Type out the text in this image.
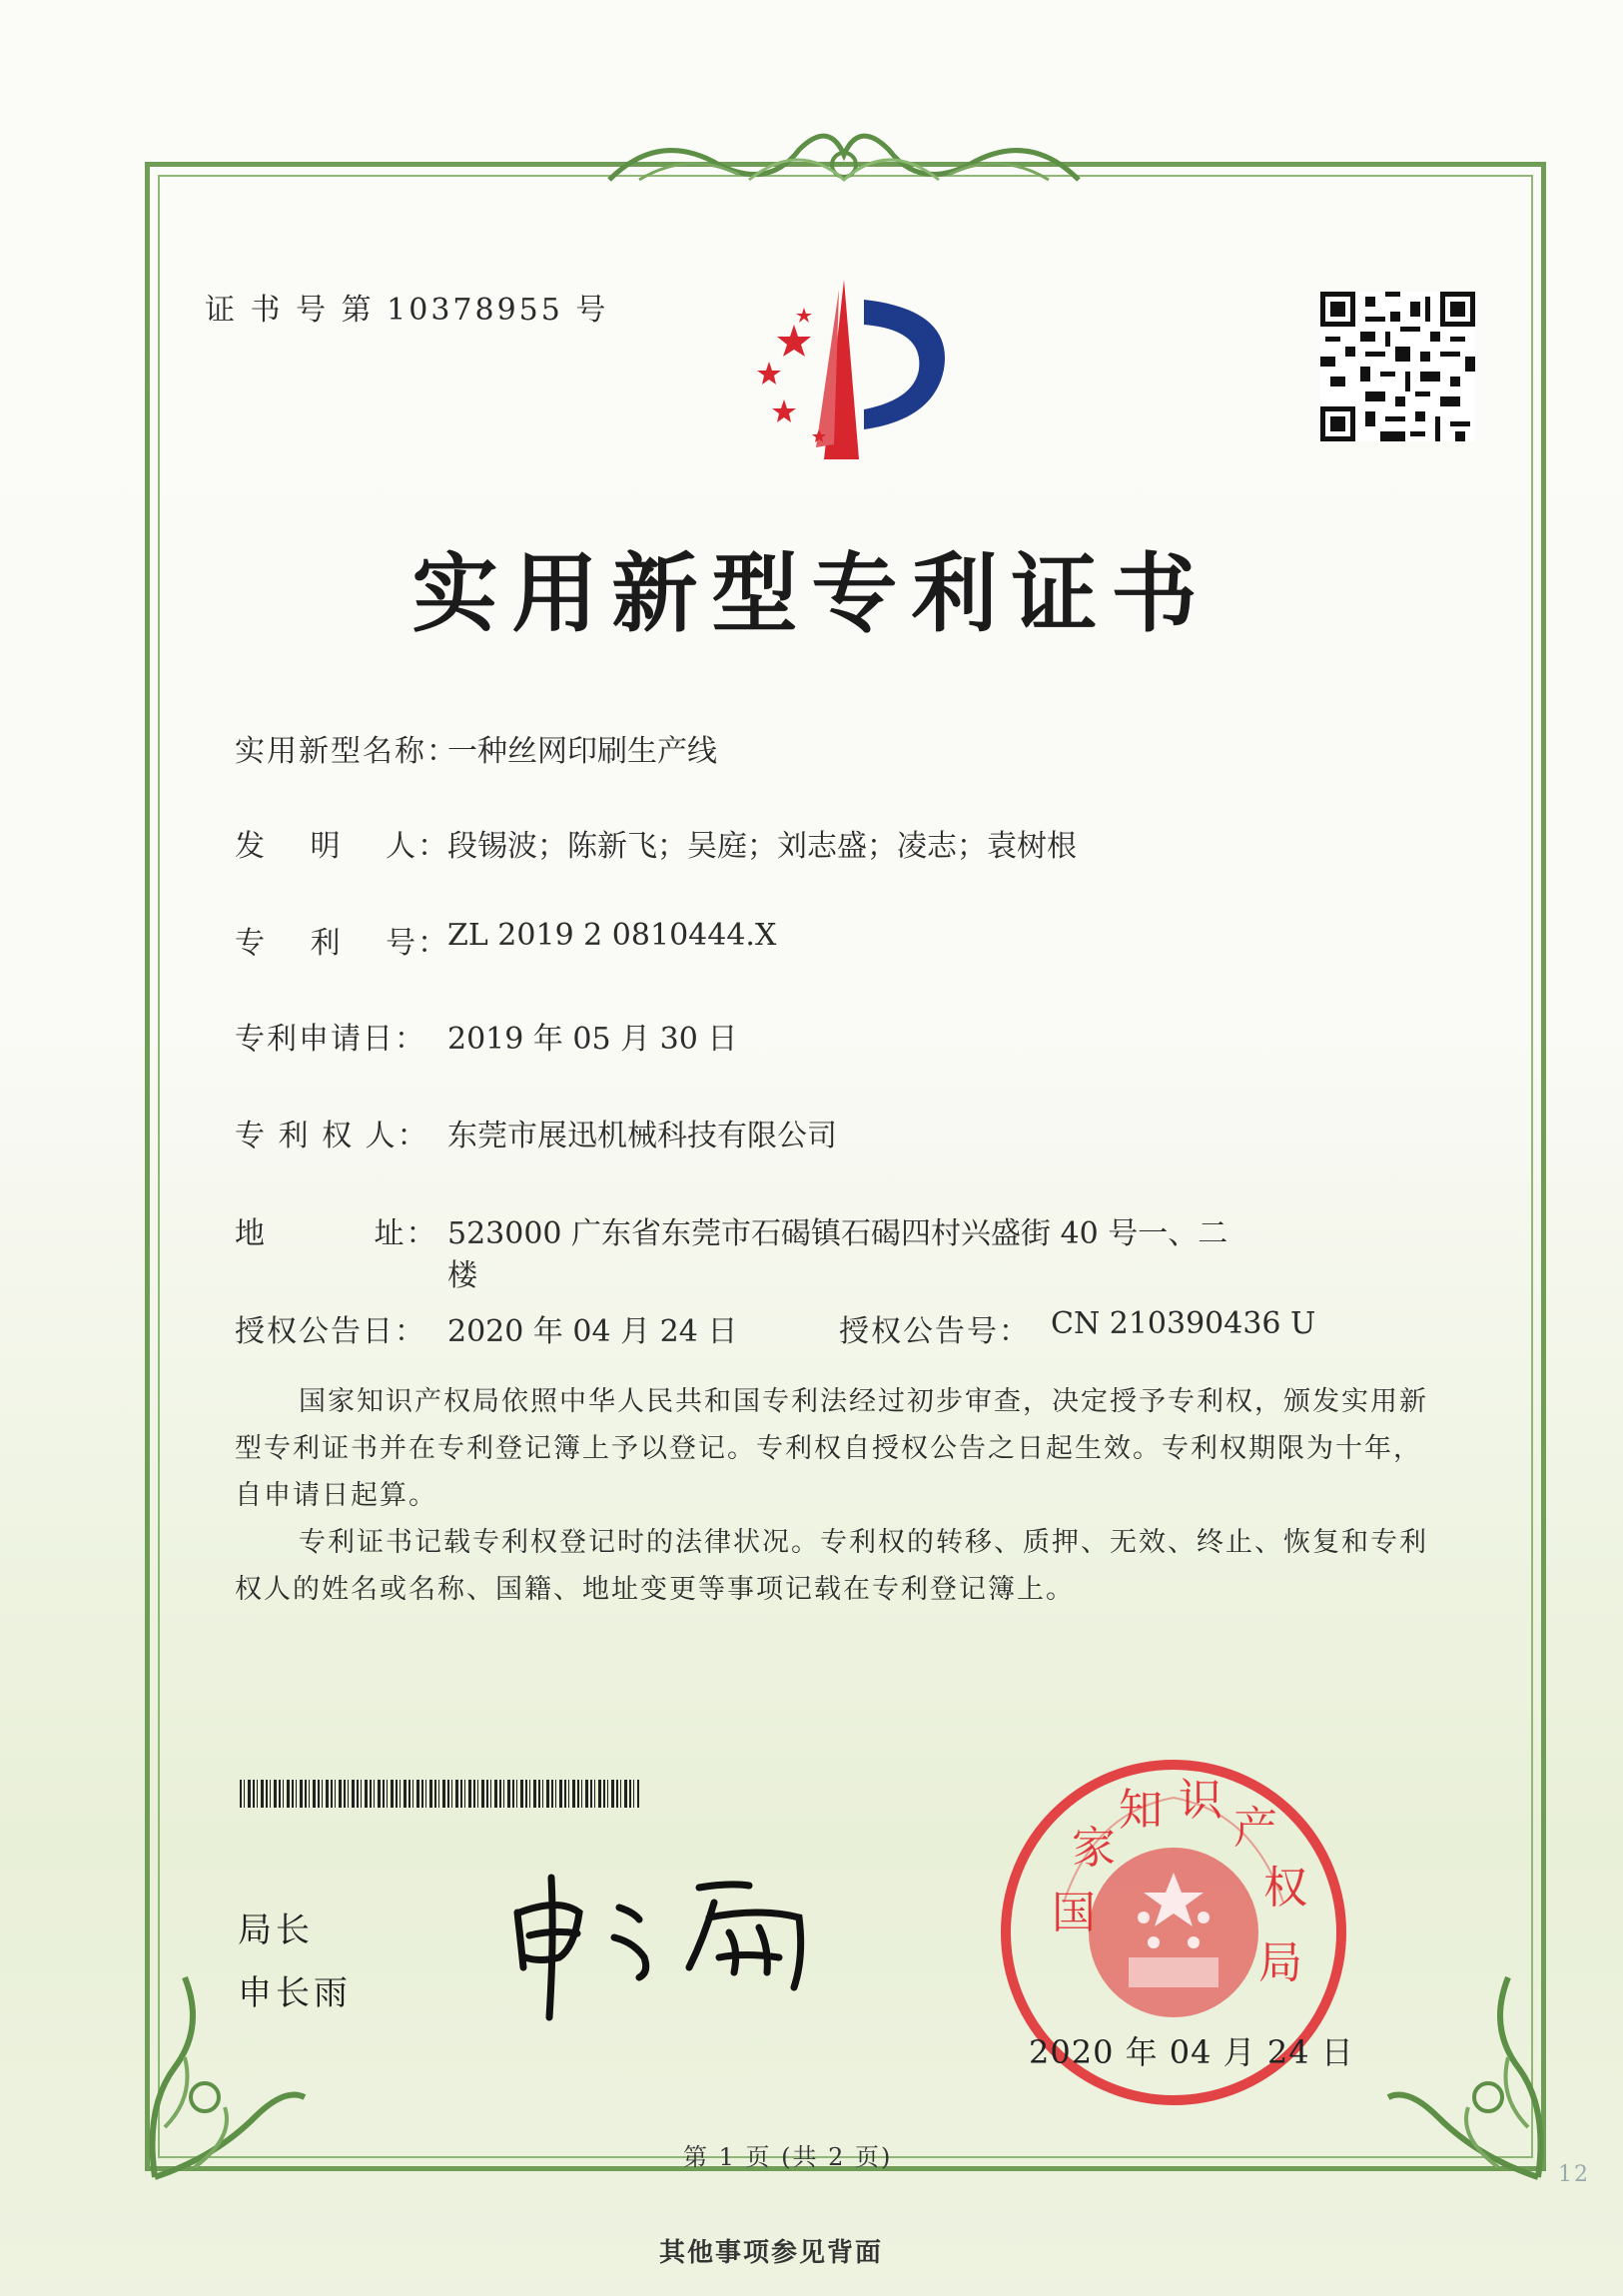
证 书 号 第 10378955 号
实用新型专利证书
实用新型名称：
一种丝网印刷生产线
发　 明　 人：
段锡波；陈新飞；吴庭；刘志盛；凌志；袁树根
专　 利　 号：
ZL 2019 2 0810444.X
专利申请日： 2019 年 05 月 30 日
专 利 权 人： 东莞市展迅机械科技有限公司
地　　　 址： 523000 广东省东莞市石碣镇石碣四村兴盛街 40 号一、二
楼
授权公告日： 2020 年 04 月 24 日	授权公告号： CN 210390436 U
国家知识产权局依照中华人民共和国专利法经过初步审查，决定授予专利权，颁发实用新型专利证书并在专利登记簿上予以登记。专利权自授权公告之日起生效。专利权期限为十年，自申请日起算。
专利证书记载专利权登记时的法律状况。专利权的转移、质押、无效、终止、恢复和专利权人的姓名或名称、国籍、地址变更等事项记载在专利登记簿上。
局长
申长雨
国
家
知 识
产
权
局
2020 年 04 月 24 日
第 1 页 (共 2 页)
其他事项参见背面
12
